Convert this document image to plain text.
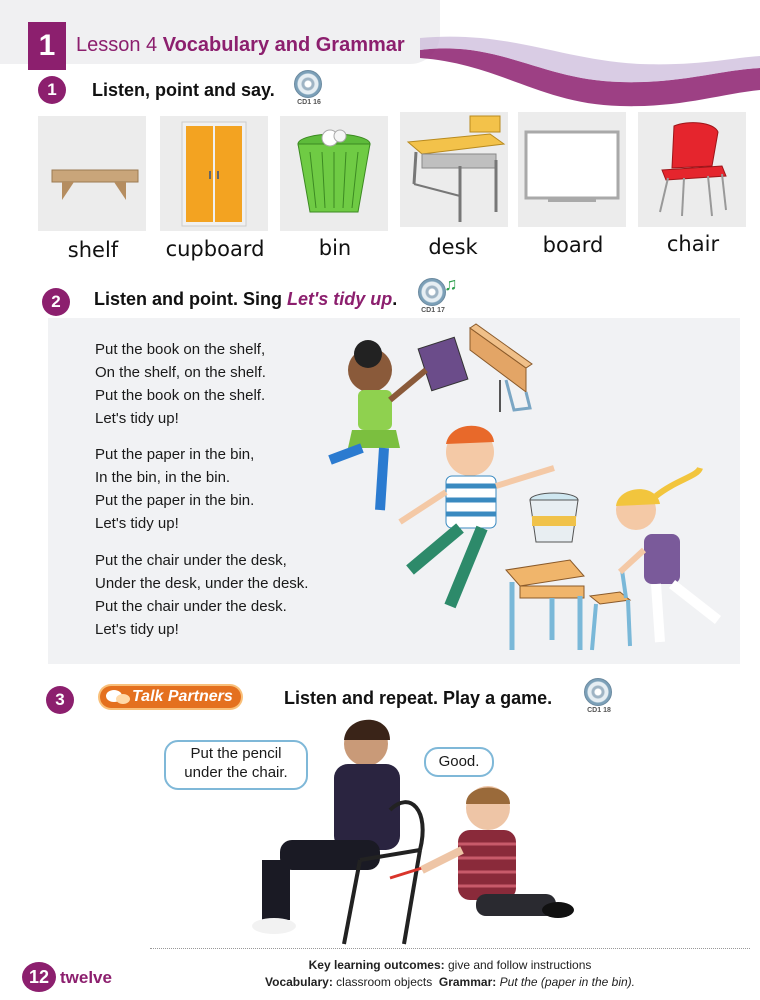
1	Lesson 4 Vocabulary and Grammar
1	Listen, point and say.
CD1 16
shelf	cupboard	bin	desk	board	chair
2	Listen and point. Sing Let's tidy up.
CD1 17
♫
Put the book on the shelf,
On the shelf, on the shelf.
Put the book on the shelf.
Let's tidy up!
Put the paper in the bin,
In the bin, in the bin.
Put the paper in the bin.
Let's tidy up!
Put the chair under the desk,
Under the desk, under the desk.
Put the chair under the desk.
Let's tidy up!
3	Talk Partners	Listen and repeat. Play a game.
CD1 18
Put the pencil
under the chair.
Good.
12 twelve
Key learning outcomes: give and follow instructions
Vocabulary: classroom objects Grammar: Put the (paper in the bin).
